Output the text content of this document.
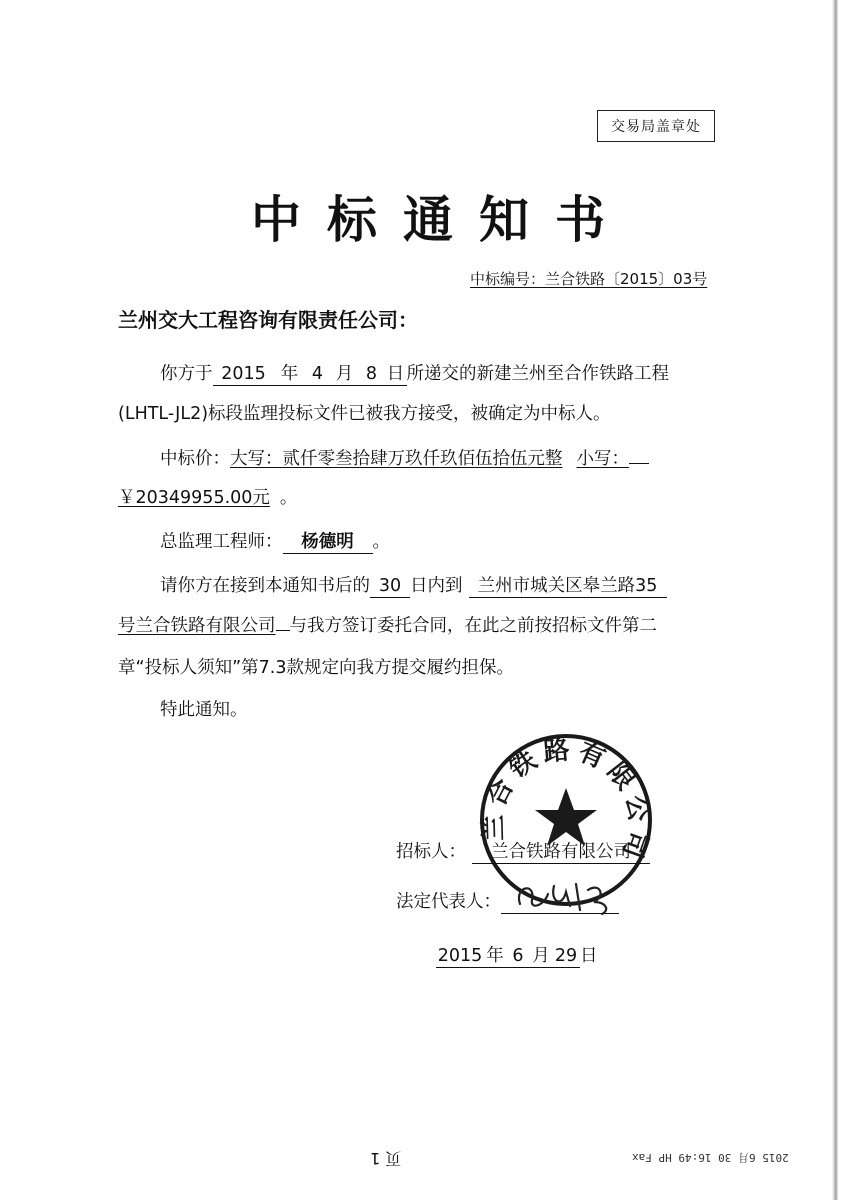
交易局盖章处
中标通知书
中标编号：兰合铁路〔2015〕03号
兰州交大工程咨询有限责任公司：
你方于 2015 年 4 月 8 日 所递交的新建兰州至合作铁路工程
(LHTL-JL2)标段监理投标文件已被我方接受，被确定为中标人。
中标价：大写：贰仟零叁拾肆万玖仟玖佰伍拾伍元整 小写：
￥20349955.00元 。
总监理工程师： 杨德明 。
请你方在接到本通知书后的 30 日内到 兰州市城关区皋兰路35
号兰合铁路有限公司 与我方签订委托合同，在此之前按招标文件第二
章“投标人须知”第7.3款规定向我方提交履约担保。
特此通知。
兰合铁路有限公司
招标人： 兰合铁路有限公司
法定代表人：
2015 年 6 月 29 日
页 1	2015 6月 30 16:49 HP Fax
